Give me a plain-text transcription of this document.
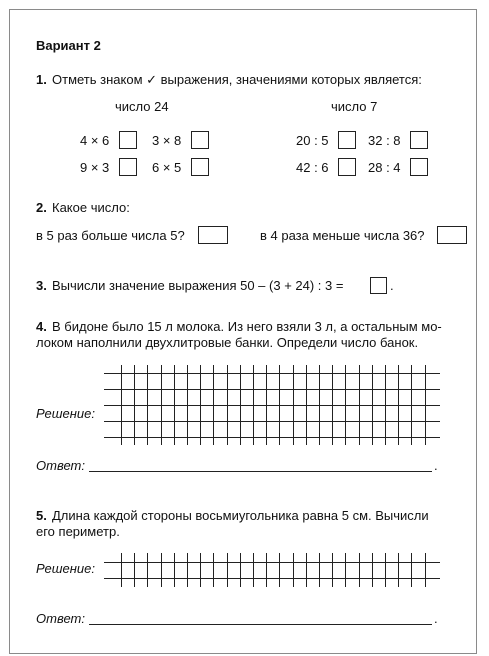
Вариант 2
1. Отметь знаком ✓ выражения, значениями которых является:
число 24	число 7
4 × 6	3 × 8
9 × 3	6 × 5
20 : 5	32 : 8
42 : 6	28 : 4
2. Какое число:
в 5 раз больше числа 5?	в 4 раза меньше числа 36?
3. Вычисли значение выражения 50 – (3 + 24) : 3 =	.
4. В бидоне было 15 л молока. Из него взяли 3 л, а остальным мо-
локом наполнили двухлитровые банки. Определи число банок.
Решение:
Ответ:	.
5. Длина каждой стороны восьмиугольника равна 5 см. Вычисли
его периметр.
Решение:
Ответ:	.
